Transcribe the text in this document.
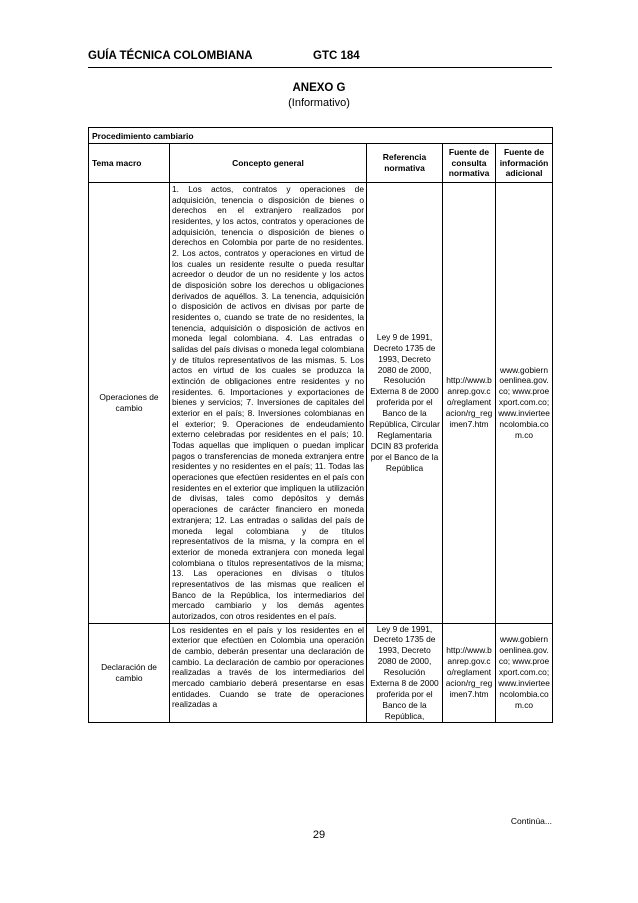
GUÍA TÉCNICA COLOMBIANA	GTC 184
ANEXO G
(Informativo)
Procedimiento cambiario				
Tema macro	Concepto general	Referencia normativa	Fuente de consulta normativa	Fuente de información adicional
Operaciones de cambio	1. Los actos, contratos y operaciones de adquisición, tenencia o disposición de bienes o derechos en el extranjero realizados por residentes, y los actos, contratos y operaciones de adquisición, tenencia o disposición de bienes o derechos en Colombia por parte de no residentes. 2. Los actos, contratos y operaciones en virtud de los cuales un residente resulte o pueda resultar acreedor o deudor de un no residente y los actos de disposición sobre los derechos u obligaciones derivados de aquéllos. 3. La tenencia, adquisición o disposición de activos en divisas por parte de residentes o, cuando se trate de no residentes, la tenencia, adquisición o disposición de activos en moneda legal colombiana. 4. Las entradas o salidas del país divisas o moneda legal colombiana y de títulos representativos de las mismas. 5. Los actos en virtud de los cuales se produzca la extinción de obligaciones entre residentes y no residentes. 6. Importaciones y exportaciones de bienes y servicios; 7. Inversiones de capitales del exterior en el país; 8. Inversiones colombianas en el exterior; 9. Operaciones de endeudamiento externo celebradas por residentes en el país; 10. Todas aquellas que impliquen o puedan implicar pagos o transferencias de moneda extranjera entre residentes y no residentes en el país; 11. Todas las operaciones que efectúen residentes en el país con residentes en el exterior que impliquen la utilización de divisas, tales como depósitos y demás operaciones de carácter financiero en moneda extranjera; 12. Las entradas o salidas del país de moneda legal colombiana y de títulos representativos de la misma, y la compra en el exterior de moneda extranjera con moneda legal colombiana o títulos representativos de la misma; 13. Las operaciones en divisas o títulos representativos de las mismas que realicen el Banco de la República, los intermediarios del mercado cambiario y los demás agentes autorizados, con otros residentes en el país.	Ley 9 de 1991, Decreto 1735 de 1993, Decreto 2080 de 2000, Resolución Externa 8 de 2000 proferida por el Banco de la República, Circular Reglamentaria DCIN 83 proferida por el Banco de la República	http://www.banrep.gov.co/reglamentacion/rg_regimen7.htm	www.gobiernoenlinea.gov.co; www.proexport.com.co; www.invierteencolombia.com.co
Declaración de cambio	Los residentes en el país y los residentes en el exterior que efectúen en Colombia una operación de cambio, deberán presentar una declaración de cambio. La declaración de cambio por operaciones realizadas a través de los intermediarios del mercado cambiario deberá presentarse en esas entidades. Cuando se trate de operaciones realizadas a	Ley 9 de 1991, Decreto 1735 de 1993, Decreto 2080 de 2000, Resolución Externa 8 de 2000 proferida por el Banco de la República,	http://www.banrep.gov.co/reglamentacion/rg_regimen7.htm	www.gobiernoenlinea.gov.co; www.proexport.com.co; www.invierteencolombia.com.co
Continúa...
29
